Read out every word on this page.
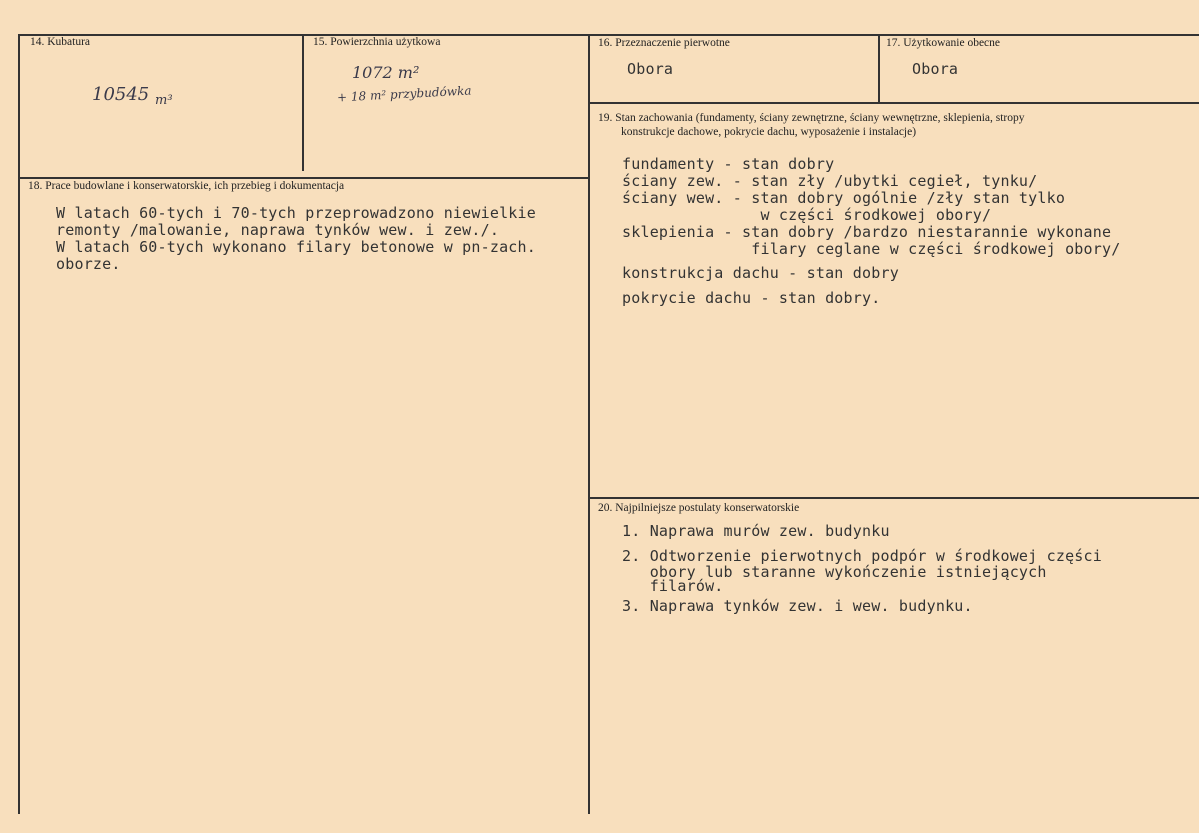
14. Kubatura
10545 $_{m^3}$
15. Powierzchnia użytkowa
1072 m²
+ 18 m² przybudówka
16. Przeznaczenie pierwotne
Obora
17. Użytkowanie obecne
Obora
18. Prace budowlane i konserwatorskie, ich przebieg i dokumentacja
W latach 60-tych i 70-tych przeprowadzono niewielkie
remonty /malowanie, naprawa tynków wew. i zew./.
W latach 60-tych wykonano filary betonowe w pn-zach.
oborze.
19. Stan zachowania (fundamenty, ściany zewnętrzne, ściany wewnętrzne, sklepienia, stropy
konstrukcje dachowe, pokrycie dachu, wyposażenie i instalacje)
fundamenty - stan dobry
ściany zew. - stan zły /ubytki cegieł, tynku/
ściany wew. - stan dobry ogólnie /zły stan tylko
w części środkowej obory/
sklepienia - stan dobry /bardzo niestarannie wykonane
filary ceglane w części środkowej obory/
konstrukcja dachu - stan dobry
pokrycie dachu - stan dobry.
20. Najpilniejsze postulaty konserwatorskie
1. Naprawa murów zew. budynku
2. Odtworzenie pierwotnych podpór w środkowej części
obory lub staranne wykończenie istniejących
filarów.
3. Naprawa tynków zew. i wew. budynku.
